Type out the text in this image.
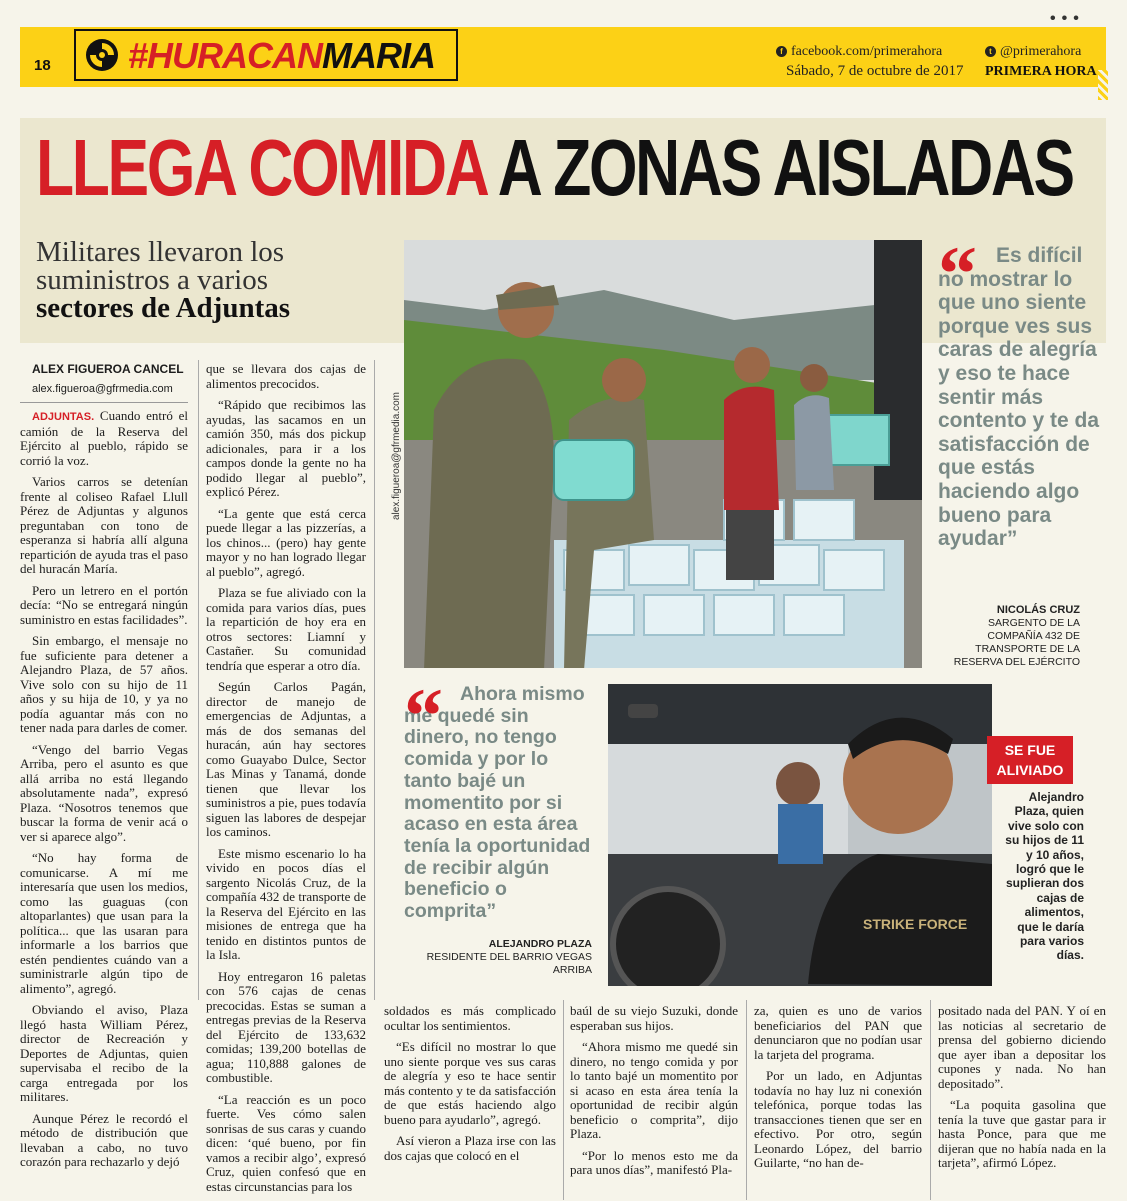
18 #HURACANMARIA	f facebook.com/primerahora	t @primerahora
Sábado, 7 de octubre de 2017 PRIMERA HORA
•••
LLEGA COMIDA A ZONAS AISLADAS
Militares llevaron los suministros a varios
sectores de Adjuntas
alex.figueroa@gfrmedia.com
“	Es difícil no mostrar lo que uno siente porque ves sus caras de alegría y eso te hace sentir más contento y te da satisfacción de que estás haciendo algo bueno para ayudar”

NICOLÁS CRUZ
SARGENTO DE LA COMPAÑÍA 432 DE TRANSPORTE DE LA RESERVA DEL EJÉRCITO

ALEX FIGUEROA CANCEL

alex.figueroa@gfrmedia.com

ADJUNTAS. Cuando entró el camión de la Reserva del Ejército al pueblo, rápido se corrió la voz.

Varios carros se detenían frente al coliseo Rafael Llull Pérez de Adjuntas y algunos preguntaban con tono de esperanza si habría allí alguna repartición de ayuda tras el paso del huracán María.

Pero un letrero en el portón decía: “No se entregará ningún suministro en estas facilidades”.

Sin embargo, el mensaje no fue suficiente para detener a Alejandro Plaza, de 57 años. Vive solo con su hijo de 11 años y su hija de 10, y ya no podía aguantar más con no tener nada para darles de comer.

“Vengo del barrio Vegas Arriba, pero el asunto es que allá arriba no está llegando absolutamente nada”, expresó Plaza. “Nosotros tenemos que buscar la forma de venir acá o ver si aparece algo”.

“No hay forma de comunicarse. A mí me interesaría que usen los medios, como las guaguas (con altoparlantes) que usan para la política... que las usaran para informarle a los barrios que estén pendientes cuándo van a suministrarle algún tipo de alimento”, agregó.

Obviando el aviso, Plaza llegó hasta William Pérez, director de Recreación y Deportes de Adjuntas, quien supervisaba el recibo de la carga entregada por los militares.

Aunque Pérez le recordó el método de distribución que llevaban a cabo, no tuvo corazón para rechazarlo y dejó

que se llevara dos cajas de alimentos precocidos.

“Rápido que recibimos las ayudas, las sacamos en un camión 350, más dos pickup adicionales, para ir a los campos donde la gente no ha podido llegar al pueblo”, explicó Pérez.

“La gente que está cerca puede llegar a las pizzerías, a los chinos... (pero) hay gente mayor y no han logrado llegar al pueblo”, agregó.

Plaza se fue aliviado con la comida para varios días, pues la repartición de hoy era en otros sectores: Liamní y Castañer. Su comunidad tendría que esperar a otro día.

Según Carlos Pagán, director de manejo de emergencias de Adjuntas, a más de dos semanas del huracán, aún hay sectores como Guayabo Dulce, Sector Las Minas y Tanamá, donde tienen que llevar los suministros a pie, pues todavía siguen las labores de despejar los caminos.

Este mismo escenario lo ha vivido en pocos días el sargento Nicolás Cruz, de la compañía 432 de transporte de la Reserva del Ejército en las misiones de entrega que ha tenido en distintos puntos de la Isla.

Hoy entregaron 16 paletas con 576 cajas de cenas precocidas. Estas se suman a entregas previas de la Reserva del Ejército de 133,632 comidas; 139,200 botellas de agua; 110,888 galones de combustible.

“La reacción es un poco fuerte. Ves cómo salen sonrisas de sus caras y cuando dicen: ‘qué bueno, por fin vamos a recibir algo’, expresó Cruz, quien confesó que en estas circunstancias para los

soldados es más complicado ocultar los sentimientos.

“Es difícil no mostrar lo que uno siente porque ves sus caras de alegría y eso te hace sentir más contento y te da satisfacción de que estás haciendo algo bueno para ayudarlo”, agregó.

Así vieron a Plaza irse con las dos cajas que colocó en el

baúl de su viejo Suzuki, donde esperaban sus hijos.

“Ahora mismo me quedé sin dinero, no tengo comida y por lo tanto bajé un momentito por si acaso en esta área tenía la oportunidad de recibir algún beneficio o comprita”, dijo Plaza.

“Por lo menos esto me da para unos días”, manifestó Pla-

za, quien es uno de varios beneficiarios del PAN que denunciaron que no podían usar la tarjeta del programa.

Por un lado, en Adjuntas todavía no hay luz ni conexión telefónica, porque todas las transacciones tienen que ser en efectivo. Por otro, según Leonardo López, del barrio Guilarte, “no han de-

positado nada del PAN. Y oí en las noticias al secretario de prensa del gobierno diciendo que ayer iban a depositar los cupones y nada. No han depositado”.

“La poquita gasolina que tenía la tuve que gastar para ir hasta Ponce, para que me dijeran que no había nada en la tarjeta”, afirmó López.

“	Ahora mismo me quedé sin dinero, no tengo comida y por lo tanto bajé un momentito por si acaso en esta área tenía la oportunidad de recibir algún beneficio o comprita”

ALEJANDRO PLAZA
RESIDENTE DEL BARRIO VEGAS ARRIBA
STRIKE FORCE
SE FUE
ALIVIADO
Alejandro Plaza, quien vive solo con su hijos de 11 y 10 años, logró que le suplieran dos cajas de alimentos, que le daría para varios días.
